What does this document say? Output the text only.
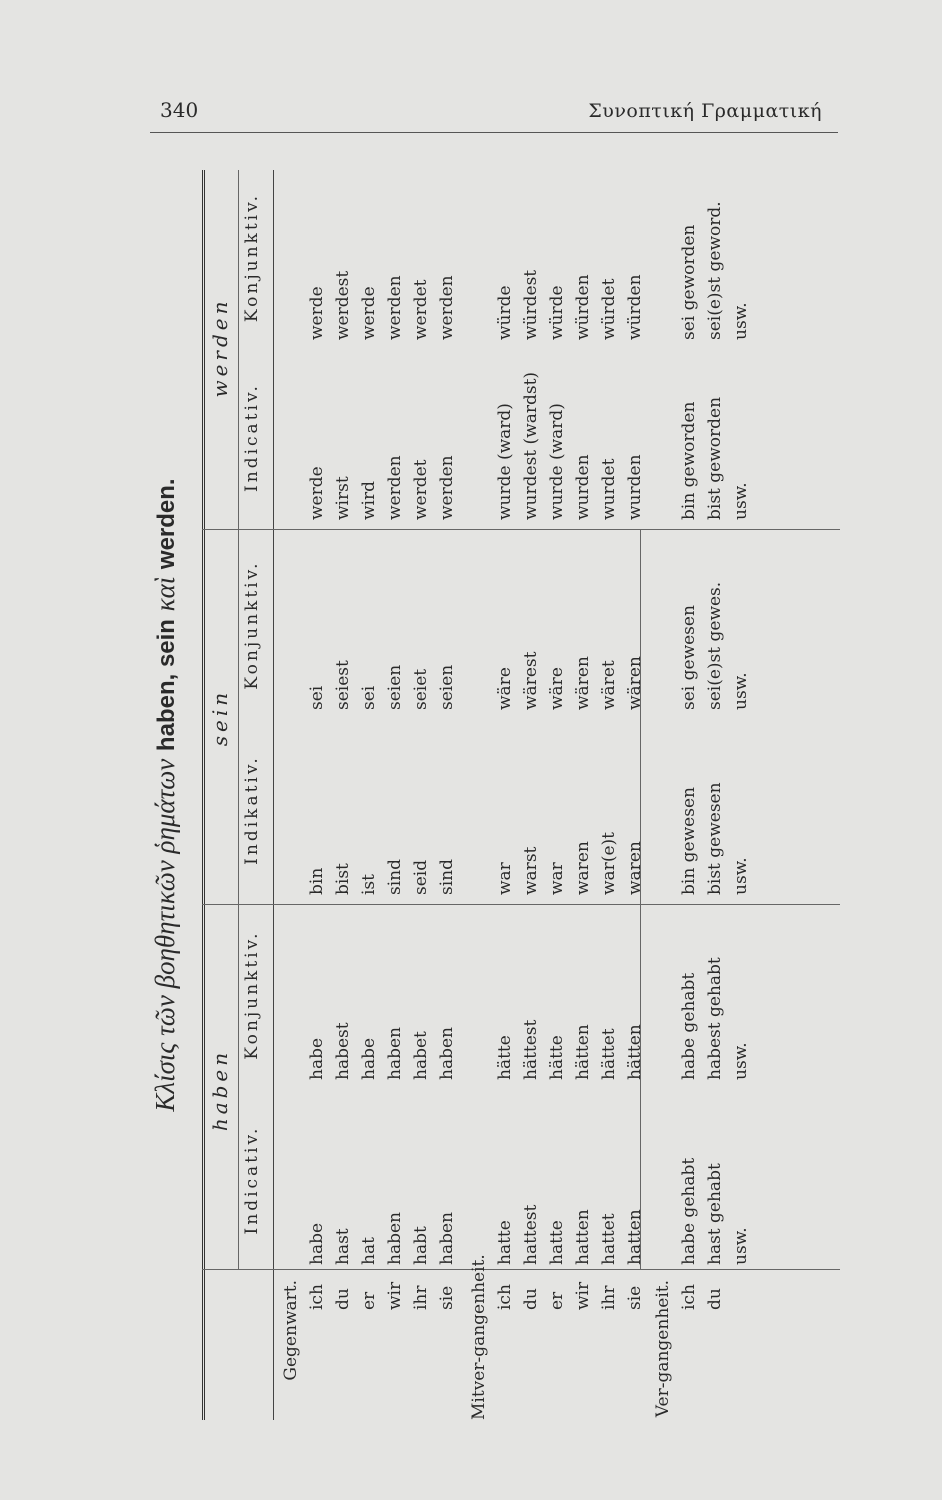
340	Συνοπτική Γραμματική
Κλίσις τῶν βοηθητικῶν ῥημάτων haben, sein καὶ werden.
haben
sein
werden
Indicativ.
Konjunktiv.
Indikativ.
Konjunktiv.
Indicativ.
Konjunktiv.
Gegenwart. ich du er wir ihr sie
habe hast hat haben habt haben
habe habest habe haben habet haben
bin bist ist sind seid sind
sei seiest sei seien seiet seien
werde wirst wird werden werdet werden
werde werdest werde werden werdet werden
ich du er wir ihr sie
hatte hattest hatte hatten hattet hatten
hätte hättest hätte hätten hättet hätten
war warst war waren war(e)t waren
wäre wärest wäre wären wäret wären
wurde (ward) wurdest (wardst) wurde (ward) wurden wurdet wurden
würde würdest würde würden würdet würden
ich du
habe gehabt hast gehabt usw.
habe gehabt habest gehabt usw.
bin gewesen bist gewesen usw.
sei gewesen sei(e)st gewes. usw.
bin geworden bist geworden usw.
sei geworden sei(e)st geword. usw.
Mitver-gangenheit.	Ver-gangenheit.
